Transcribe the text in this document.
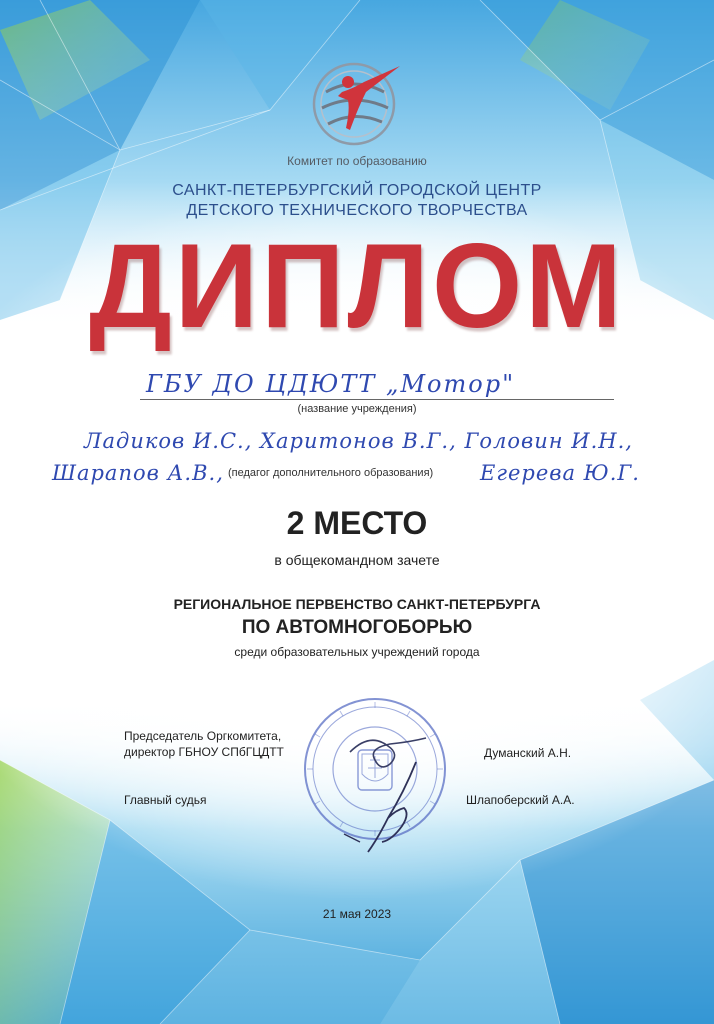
Комитет по образованию
САНКТ-ПЕТЕРБУРГСКИЙ ГОРОДСКОЙ ЦЕНТР
ДЕТСКОГО ТЕХНИЧЕСКОГО ТВОРЧЕСТВА
ДИПЛОМ
ГБУ ДО ЦДЮТТ „Мотор"
(название учреждения)
Ладиков И.С., Харитонов В.Г., Головин И.Н.,
Шарапов А.В., (педагог дополнительного образования) Егерева Ю.Г.
2 МЕСТО
в общекомандном зачете
РЕГИОНАЛЬНОЕ ПЕРВЕНСТВО САНКТ-ПЕТЕРБУРГА
ПО АВТОМНОГОБОРЬЮ
среди образовательных учреждений города
Председатель Оргкомитета,
директор ГБНОУ СПбГЦДТТ	Думанский А.Н.
Главный судья	Шлапоберский А.А.
21 мая 2023
